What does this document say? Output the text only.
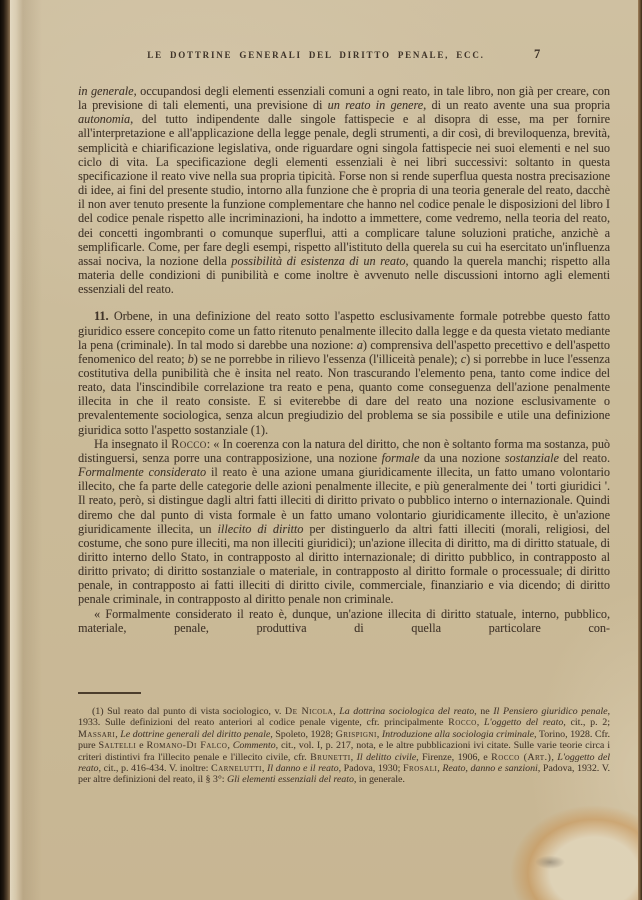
LE DOTTRINE GENERALI DEL DIRITTO PENALE, ECC.	7

in generale, occupandosi degli elementi essenziali comuni a ogni reato, in tale libro, non già per creare, con la previsione di tali elementi, una previsione di un reato in genere, di un reato avente una sua propria autonomia, del tutto indipendente dalle singole fattispecie e al disopra di esse, ma per fornire all'interpretazione e all'applicazione della legge penale, degli strumenti, a dir così, di breviloquenza, brevità, semplicità e chiarificazione legislativa, onde riguardare ogni singola fattispecie nei suoi elementi e nel suo ciclo di vita. La specificazione degli elementi essenziali è nei libri successivi: soltanto in questa specificazione il reato vive nella sua propria tipicità. Forse non si rende superflua questa nostra precisazione di idee, ai fini del presente studio, intorno alla funzione che è propria di una teoria generale del reato, dacchè il non aver tenuto presente la funzione complementare che hanno nel codice penale le disposizioni del libro I del codice penale rispetto alle incriminazioni, ha indotto a immettere, come vedremo, nella teoria del reato, dei concetti ingombranti o comunque superflui, atti a complicare talune soluzioni pratiche, anzichè a semplificarle. Come, per fare degli esempi, rispetto all'istituto della querela su cui ha esercitato un'influenza assai nociva, la nozione della possibilità di esistenza di un reato, quando la querela manchi; rispetto alla materia delle condizioni di punibilità e come inoltre è avvenuto nelle discussioni intorno agli elementi essenziali del reato.

11. Orbene, in una definizione del reato sotto l'aspetto esclusivamente formale potrebbe questo fatto giuridico essere concepito come un fatto ritenuto penalmente illecito dalla legge e da questa vietato mediante la pena (criminale). In tal modo si darebbe una nozione: a) comprensiva dell'aspetto precettivo e dell'aspetto fenomenico del reato; b) se ne porrebbe in rilievo l'essenza (l'illiceità penale); c) si porrebbe in luce l'essenza costitutiva della punibilità che è insita nel reato. Non trascurando l'elemento pena, tanto come indice del reato, data l'inscindibile correlazione tra reato e pena, quanto come conseguenza dell'azione penalmente illecita in che il reato consiste. E si eviterebbe di dare del reato una nozione esclusivamente o prevalentemente sociologica, senza alcun pregiudizio del problema se sia possibile e utile una definizione giuridica sotto l'aspetto sostanziale (1).

Ha insegnato il Rocco: « In coerenza con la natura del diritto, che non è soltanto forma ma sostanza, può distinguersi, senza porre una contrapposizione, una nozione formale da una nozione sostanziale del reato. Formalmente considerato il reato è una azione umana giuridicamente illecita, un fatto umano volontario illecito, che fa parte delle categorie delle azioni penalmente illecite, e più generalmente dei ' torti giuridici '. Il reato, però, si distingue dagli altri fatti illeciti di diritto privato o pubblico interno o internazionale. Quindi diremo che dal punto di vista formale è un fatto umano volontario giuridicamente illecito, è un'azione giuridicamente illecita, un illecito di diritto per distinguerlo da altri fatti illeciti (morali, religiosi, del costume, che sono pure illeciti, ma non illeciti giuridici); un'azione illecita di diritto, ma di diritto statuale, di diritto interno dello Stato, in contrapposto al diritto internazionale; di diritto pubblico, in contrapposto al diritto privato; di diritto sostanziale o materiale, in contrapposto al diritto formale o processuale; di diritto penale, in contrapposto ai fatti illeciti di diritto civile, commerciale, finanziario e via dicendo; di diritto penale criminale, in contrapposto al diritto penale non criminale.

« Formalmente considerato il reato è, dunque, un'azione illecita di diritto statuale, interno, pubblico, materiale, penale, produttiva di quella particolare con-

(1) Sul reato dal punto di vista sociologico, v. De Nicola, La dottrina sociologica del reato, ne Il Pensiero giuridico penale, 1933. Sulle definizioni del reato anteriori al codice penale vigente, cfr. principalmente Rocco, L'oggetto del reato, cit., p. 2; Massari, Le dottrine generali del diritto penale, Spoleto, 1928; Grispigni, Introduzione alla sociologia criminale, Torino, 1928. Cfr. pure Saltelli e Romano-Di Falco, Commento, cit., vol. I, p. 217, nota, e le altre pubblicazioni ivi citate. Sulle varie teorie circa i criteri distintivi fra l'illecito penale e l'illecito civile, cfr. Brunetti, Il delitto civile, Firenze, 1906, e Rocco (Art.), L'oggetto del reato, cit., p. 416-434. V. inoltre: Carnelutti, Il danno e il reato, Padova, 1930; Frosali, Reato, danno e sanzioni, Padova, 1932. V. per altre definizioni del reato, il § 3°: Gli elementi essenziali del reato, in generale.
